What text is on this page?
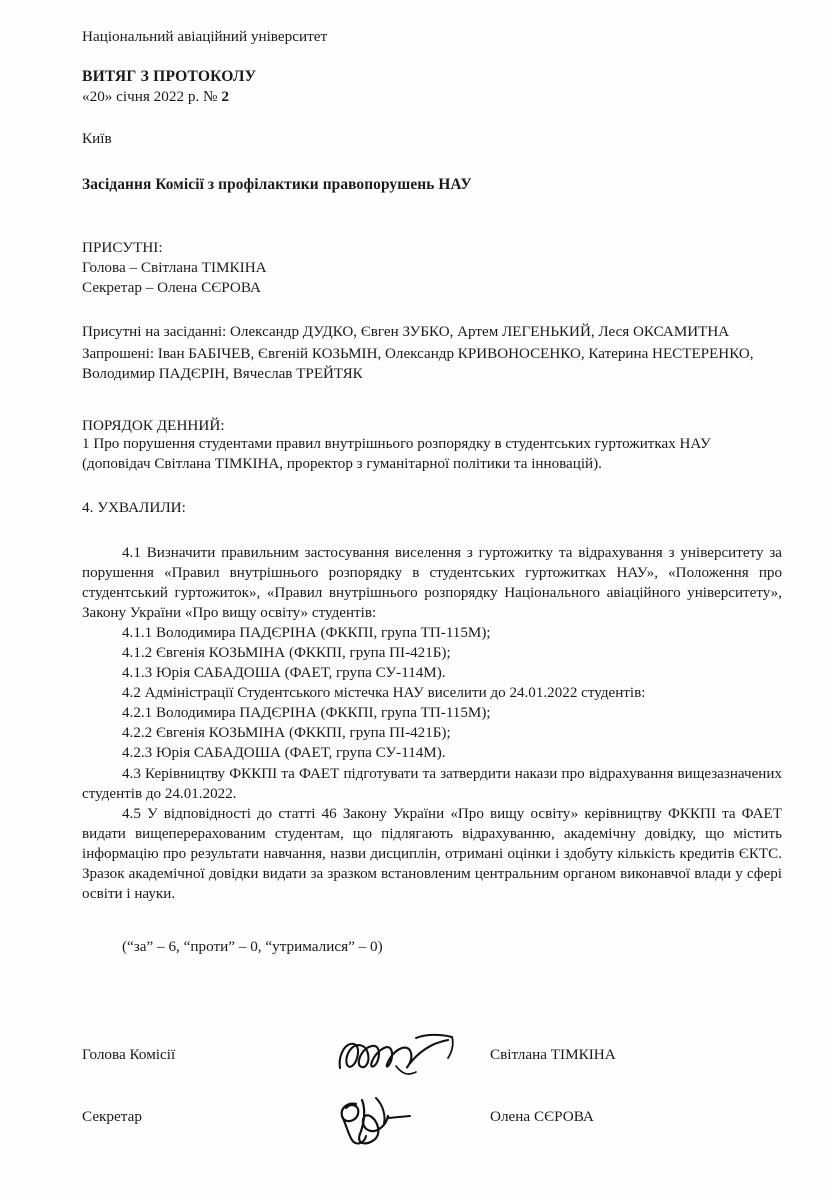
Національний авіаційний університет
ВИТЯГ З ПРОТОКОЛУ
«20» січня 2022 р. № 2
Київ
Засідання Комісії з профілактики правопорушень НАУ
ПРИСУТНІ:
Голова – Світлана ТІМКІНА
Секретар – Олена СЄРОВА

Присутні на засіданні: Олександр ДУДКО, Євген ЗУБКО, Артем ЛЕГЕНЬКИЙ, Леся ОКСАМИТНА

Запрошені: Іван БАБІЧЕВ, Євгеній КОЗЬМІН, Олександр КРИВОНОСЕНКО, Катерина НЕСТЕРЕНКО, Володимир ПАДЄРІН, Вячеслав ТРЕЙТЯК

ПОРЯДОК ДЕННИЙ:

1 Про порушення студентами правил внутрішнього розпорядку в студентських гуртожитках НАУ (доповідач Світлана ТІМКІНА, проректор з гуманітарної політики та інновацій).

4. УХВАЛИЛИ:

4.1 Визначити правильним застосування виселення з гуртожитку та відрахування з університету за порушення «Правил внутрішнього розпорядку в студентських гуртожитках НАУ», «Положення про студентський гуртожиток», «Правил внутрішнього розпорядку Національного авіаційного університету», Закону України «Про вищу освіту» студентів:

4.1.1 Володимира ПАДЄРІНА (ФККПІ, група ТП-115М);

4.1.2 Євгенія КОЗЬМІНА (ФККПІ, група ПІ-421Б);

4.1.3 Юрія САБАДОША (ФАЕТ, група СУ-114М).

4.2 Адміністрації Студентського містечка НАУ виселити до 24.01.2022 студентів:

4.2.1 Володимира ПАДЄРІНА (ФККПІ, група ТП-115М);

4.2.2 Євгенія КОЗЬМІНА (ФККПІ, група ПІ-421Б);

4.2.3 Юрія САБАДОША (ФАЕТ, група СУ-114М).

4.3 Керівництву ФККПІ та ФАЕТ підготувати та затвердити накази про відрахування вищезазначених студентів до 24.01.2022.

4.5 У відповідності до статті 46 Закону України «Про вищу освіту» керівництву ФККПІ та ФАЕТ видати вищеперерахованим студентам, що підлягають відрахуванню, академічну довідку, що містить інформацію про результати навчання, назви дисциплін, отримані оцінки і здобуту кількість кредитів ЄКТС. Зразок академічної довідки видати за зразком встановленим центральним органом виконавчої влади у сфері освіти і науки.

(“за” – 6, “проти” – 0, “утрималися” – 0)
Голова Комісії	Світлана ТІМКІНА
Секретар	Олена СЄРОВА
